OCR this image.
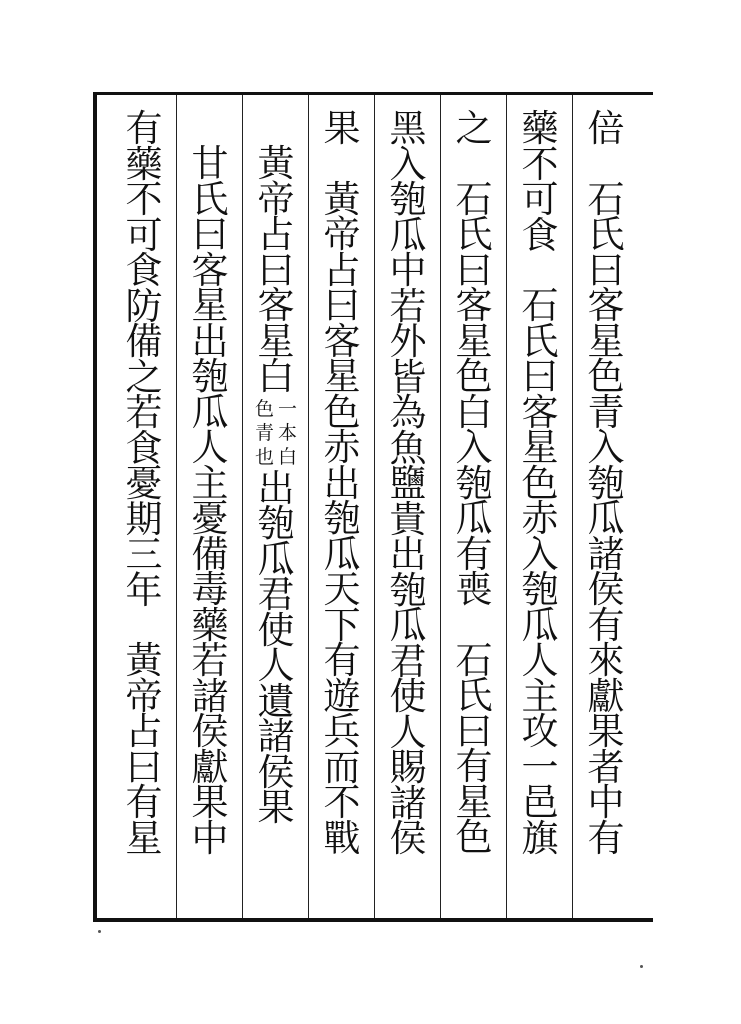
倍
石
氏
曰
客
星
色
青
入
匏
瓜
諸
侯
有
來
獻
果
者
中
有
藥
不
可
食
石
氏
曰
客
星
色
赤
入
匏
瓜
人
主
攻
一
邑
旗
之
石
氏
曰
客
星
色
白
入
匏
瓜
有
喪
石
氏
曰
有
星
色
黑
入
匏
瓜
中
若
外
皆
為
魚
鹽
貴
出
匏
瓜
君
使
人
賜
諸
侯
果
黃
帝
占
曰
客
星
色
赤
出
匏
瓜
天
下
有
遊
兵
而
不
戰
黃
帝
占
曰
客
星
白
一
本
白
色
青
也
出
匏
瓜
君
使
人
遺
諸
侯
果
甘
氏
曰
客
星
出
匏
瓜
人
主
憂
備
毒
藥
若
諸
侯
獻
果
中
有
藥
不
可
食
防
備
之
若
食
憂
期
三
年
黃
帝
占
曰
有
星
